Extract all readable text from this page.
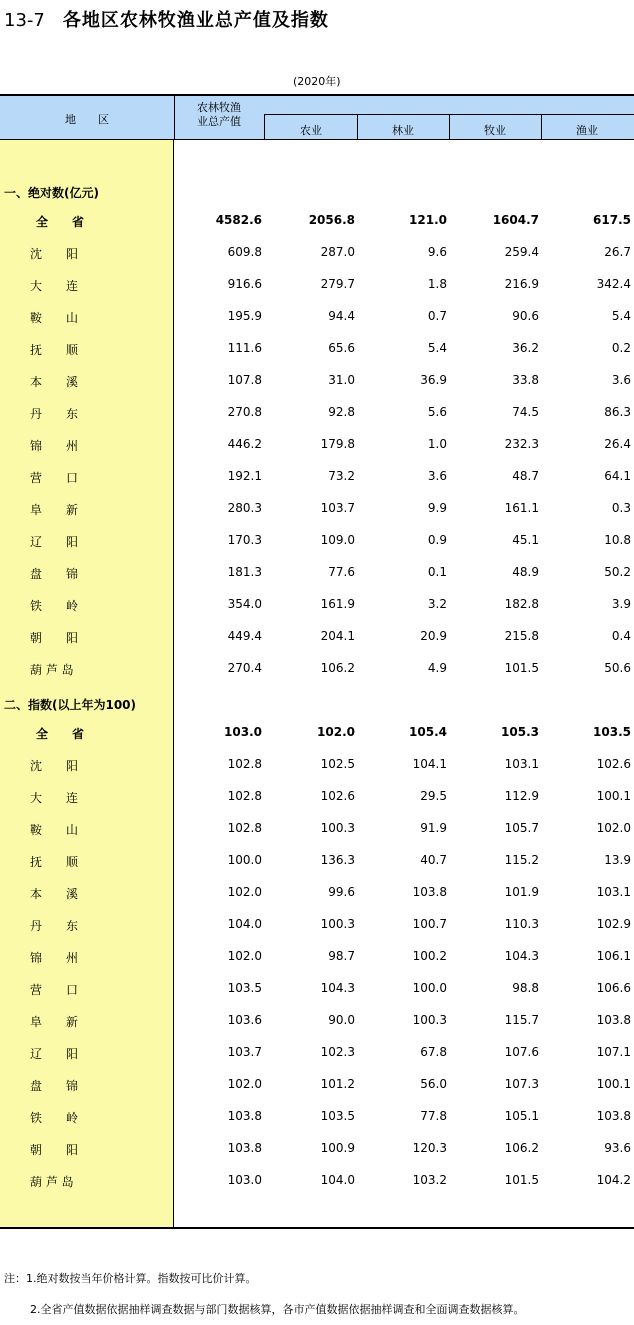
13-7 各地区农林牧渔业总产值及指数
(2020年)
地　　区
农林牧渔
业总产值
农业	林业	牧业	渔业
一、绝对数(亿元)
全　　省	4582.6	2056.8	121.0	1604.7	617.5
沈　　阳	609.8	287.0	9.6	259.4	26.7
大　　连	916.6	279.7	1.8	216.9	342.4
鞍　　山	195.9	94.4	0.7	90.6	5.4
抚　　顺	111.6	65.6	5.4	36.2	0.2
本　　溪	107.8	31.0	36.9	33.8	3.6
丹　　东	270.8	92.8	5.6	74.5	86.3
锦　　州	446.2	179.8	1.0	232.3	26.4
营　　口	192.1	73.2	3.6	48.7	64.1
阜　　新	280.3	103.7	9.9	161.1	0.3
辽　　阳	170.3	109.0	0.9	45.1	10.8
盘　　锦	181.3	77.6	0.1	48.9	50.2
铁　　岭	354.0	161.9	3.2	182.8	3.9
朝　　阳	449.4	204.1	20.9	215.8	0.4
葫 芦 岛	270.4	106.2	4.9	101.5	50.6
二、指数(以上年为100)
全　　省	103.0	102.0	105.4	105.3	103.5
沈　　阳	102.8	102.5	104.1	103.1	102.6
大　　连	102.8	102.6	29.5	112.9	100.1
鞍　　山	102.8	100.3	91.9	105.7	102.0
抚　　顺	100.0	136.3	40.7	115.2	13.9
本　　溪	102.0	99.6	103.8	101.9	103.1
丹　　东	104.0	100.3	100.7	110.3	102.9
锦　　州	102.0	98.7	100.2	104.3	106.1
营　　口	103.5	104.3	100.0	98.8	106.6
阜　　新	103.6	90.0	100.3	115.7	103.8
辽　　阳	103.7	102.3	67.8	107.6	107.1
盘　　锦	102.0	101.2	56.0	107.3	100.1
铁　　岭	103.8	103.5	77.8	105.1	103.8
朝　　阳	103.8	100.9	120.3	106.2	93.6
葫 芦 岛	103.0	104.0	103.2	101.5	104.2
注：1.绝对数按当年价格计算。指数按可比价计算。
2.全省产值数据依据抽样调查数据与部门数据核算，各市产值数据依据抽样调查和全面调查数据核算。
